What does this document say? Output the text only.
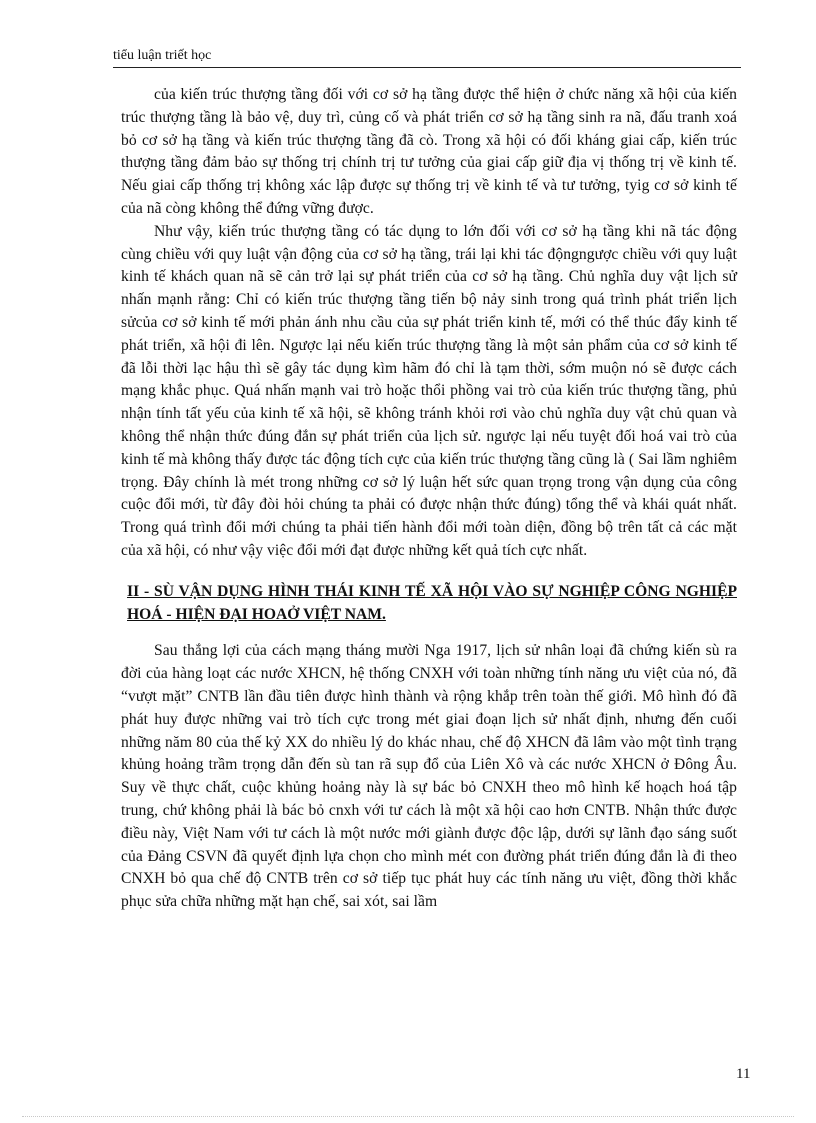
tiểu luận triết học

của kiến trúc thượng tầng đối với cơ sở hạ tầng được thể hiện ở chức năng xã hội của kiến trúc thượng tầng là bảo vệ, duy trì, củng cố và phát triển cơ sở hạ tầng sinh ra nã, đấu tranh xoá bỏ cơ sở hạ tầng và kiến trúc thượng tầng đã cò. Trong xã hội có đối kháng giai cấp, kiến trúc thượng tầng đảm bảo sự thống trị chính trị tư tưởng của giai cấp giữ địa vị thống trị về kinh tế. Nếu giai cấp thống trị không xác lập được sự thống trị về kinh tế và tư tưởng, tyig cơ sở kinh tế của nã còng không thể đứng vững được.

Như vậy, kiến trúc thượng tầng có tác dụng to lớn đối với cơ sở hạ tầng khi nã tác động cùng chiều với quy luật vận động của cơ sở hạ tầng, trái lại khi tác độngngược chiều với quy luật kinh tế khách quan nã sẽ cản trở lại sự phát triển của cơ sở hạ tầng. Chủ nghĩa duy vật lịch sử nhấn mạnh rằng: Chỉ có kiến trúc thượng tầng tiến bộ nảy sinh trong quá trình phát triển lịch sửcủa cơ sở kinh tế mới phản ánh nhu cầu của sự phát triển kinh tế, mới có thể thúc đẩy kinh tế phát triển, xã hội đi lên. Ngược lại nếu kiến trúc thượng tầng là một sản phẩm của cơ sở kinh tế đã lỗi thời lạc hậu thì sẽ gây tác dụng kìm hãm đó chỉ là tạm thời, sớm muộn nó sẽ được cách mạng khắc phục. Quá nhấn mạnh vai trò hoặc thổi phồng vai trò của kiến trúc thượng tầng, phủ nhận tính tất yếu của kinh tế xã hội, sẽ không tránh khỏi rơi vào chủ nghĩa duy vật chủ quan và không thể nhận thức đúng đắn sự phát triển của lịch sử. ngược lại nếu tuyệt đối hoá vai trò của kinh tế mà không thấy được tác động tích cực của kiến trúc thượng tầng cũng là ( Sai lầm nghiêm trọng. Đây chính là mét trong những cơ sở lý luận hết sức quan trọng trong vận dụng của công cuộc đổi mới, từ đây đòi hỏi chúng ta phải có được nhận thức đúng) tổng thể và khái quát nhất. Trong quá trình đổi mới chúng ta phải tiến hành đổi mới toàn diện, đồng bộ trên tất cả các mặt của xã hội, có như vậy việc đổi mới đạt được những kết quả tích cực nhất.

II - SÙ VẬN DỤNG HÌNH THÁI KINH TẾ XÃ HỘI VÀO SỰ NGHIỆP CÔNG NGHIỆP HOÁ - HIỆN ĐẠI HOAỞ VIỆT NAM.

Sau thắng lợi của cách mạng tháng mười Nga 1917, lịch sử nhân loại đã chứng kiến sù ra đời của hàng loạt các nước XHCN, hệ thống CNXH với toàn những tính năng ưu việt của nó, đã “vượt mặt” CNTB lần đầu tiên được hình thành và rộng khắp trên toàn thế giới. Mô hình đó đã phát huy được những vai trò tích cực trong mét giai đoạn lịch sử nhất định, nhưng đến cuối những năm 80 của thế kỷ XX do nhiều lý do khác nhau, chế độ XHCN đã lâm vào một tình trạng khủng hoảng trầm trọng dẫn đến sù tan rã sụp đổ của Liên Xô và các nước XHCN ở Đông Âu. Suy về thực chất, cuộc khủng hoảng này là sự bác bỏ CNXH theo mô hình kế hoạch hoá tập trung, chứ không phải là bác bỏ cnxh với tư cách là một xã hội cao hơn CNTB. Nhận thức được điều này, Việt Nam với tư cách là một nước mới giành được độc lập, dưới sự lãnh đạo sáng suốt của Đảng CSVN đã quyết định lựa chọn cho mình mét con đường phát triển đúng đắn là đi theo CNXH bỏ qua chế độ CNTB trên cơ sở tiếp tục phát huy các tính năng ưu việt, đồng thời khắc phục sửa chữa những mặt hạn chế, sai xót, sai lầm

11
